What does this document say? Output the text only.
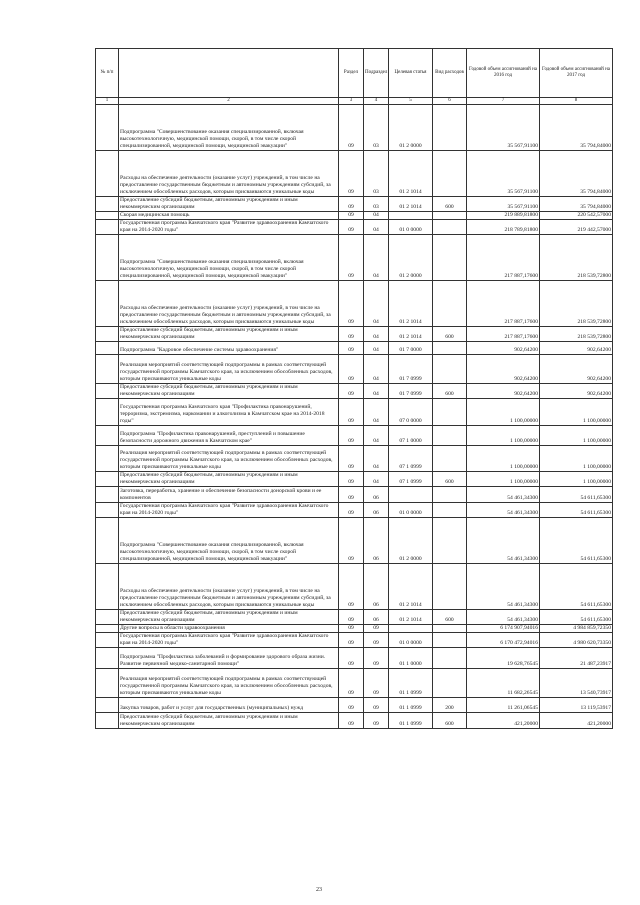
№ п/п		Раздел	Подраздел	Целевая статья	Вид расходов	Годовой объем ассигнований на 2016 год	Годовой объем ассигнований на 2017 год
1	2	3	4	5	6	7	8
	Подпрограмма "Совершенствование оказания специализированной, включая высокотехнологичную, медицинской помощи, скорой, в том числе скорой специализированной, медицинской помощи, медицинской эвакуации"	09	03	01 2 0000		35 567,91100	35 794,84000
	Расходы на обеспечение деятельности (оказание услуг) учреждений, в том числе на предоставление государственным бюджетным и автономным учреждениям субсидий, за исключением обособленных расходов, которым присваиваются уникальные коды	09	03	01 2 1014		35 567,91100	35 794,84000
	Предоставление субсидий бюджетным, автономным учреждениям и иным некоммерческим организациям	09	03	01 2 1014	600	35 567,91100	35 794,84000
	Скорая медицинская помощь	09	04			219 889,81800	220 542,57000
	Государственная программа Камчатского края "Развитие здравоохранения Камчатского края на 2014-2020 годы"	09	04	01 0 0000		218 789,81800	219 442,57000
	Подпрограмма "Совершенствование оказания специализированной, включая высокотехнологичную, медицинской помощи, скорой, в том числе скорой специализированной, медицинской помощи, медицинской эвакуации"	09	04	01 2 0000		217 887,17600	218 539,72800
	Расходы на обеспечение деятельности (оказание услуг) учреждений, в том числе на предоставление государственным бюджетным и автономным учреждениям субсидий, за исключением обособленных расходов, которым присваиваются уникальные коды	09	04	01 2 1014		217 887,17600	218 539,72800
	Предоставление субсидий бюджетным, автономным учреждениям и иным некоммерческим организациям	09	04	01 2 1014	600	217 887,17600	218 539,72800
	Подпрограмма "Кадровое обеспечение системы здравоохранения"	09	04	01 7 0000		902,64200	902,64200
	Реализация мероприятий соответствующей подпрограммы в рамках соответствующей государственной программы Камчатского края, за исключением обособленных расходов, которым присваиваются уникальные коды	09	04	01 7 0999		902,64200	902,64200
	Предоставление субсидий бюджетным, автономным учреждениям и иным некоммерческим организациям	09	04	01 7 0999	600	902,64200	902,64200
	Государственная программа Камчатского края "Профилактика правонарушений, терроризма, экстремизма, наркомании и алкоголизма в Камчатском крае на 2014-2018 годы"	09	04	07 0 0000		1 100,00000	1 100,00000
	Подпрограмма "Профилактика правонарушений, преступлений и повышение безопасности дорожного движения в Камчатском крае"	09	04	07 1 0000		1 100,00000	1 100,00000
	Реализация мероприятий соответствующей подпрограммы в рамках соответствующей государственной программы Камчатского края, за исключением обособленных расходов, которым присваиваются уникальные коды	09	04	07 1 0999		1 100,00000	1 100,00000
	Предоставление субсидий бюджетным, автономным учреждениям и иным некоммерческим организациям	09	04	07 1 0999	600	1 100,00000	1 100,00000
	Заготовка, переработка, хранение и обеспечение безопасности донорской крови и ее компонентов	09	06			54 461,34300	54 611,65300
	Государственная программа Камчатского края "Развитие здравоохранения Камчатского края на 2014-2020 годы"	09	06	01 0 0000		54 461,34300	54 611,65300
	Подпрограмма "Совершенствование оказания специализированной, включая высокотехнологичную, медицинской помощи, скорой, в том числе скорой специализированной, медицинской помощи, медицинской эвакуации"	09	06	01 2 0000		54 461,34300	54 611,65300
	Расходы на обеспечение деятельности (оказание услуг) учреждений, в том числе на предоставление государственным бюджетным и автономным учреждениям субсидий, за исключением обособленных расходов, которым присваиваются уникальные коды	09	06	01 2 1014		54 461,34300	54 611,65300
	Предоставление субсидий бюджетным, автономным учреждениям и иным некоммерческим организациям	09	06	01 2 1014	600	54 461,34300	54 611,65300
	Другие вопросы в области здравоохранения	09	09			6 174 907,94016	4 984 859,72350
	Государственная программа Камчатского края "Развитие здравоохранения Камчатского края на 2014-2020 годы"	09	09	01 0 0000		6 170 472,94016	4 980 620,73350
	Подпрограмма "Профилактика заболеваний и формирование здорового образа жизни. Развитие первичной медико-санитарной помощи"	09	09	01 1 0000		19 628,76545	21 487,23917
	Реализация мероприятий соответствующей подпрограммы в рамках соответствующей государственной программы Камчатского края, за исключением обособленных расходов, которым присваиваются уникальные коды	09	09	01 1 0999		11 682,26545	13 540,73917
	Закупка товаров, работ и услуг для государственных (муниципальных) нужд	09	09	01 1 0999	200	11 261,06545	13 119,53917
	Предоставление субсидий бюджетным, автономным учреждениям и иным некоммерческим организациям	09	09	01 1 0999	600	421,20000	421,20000
23
